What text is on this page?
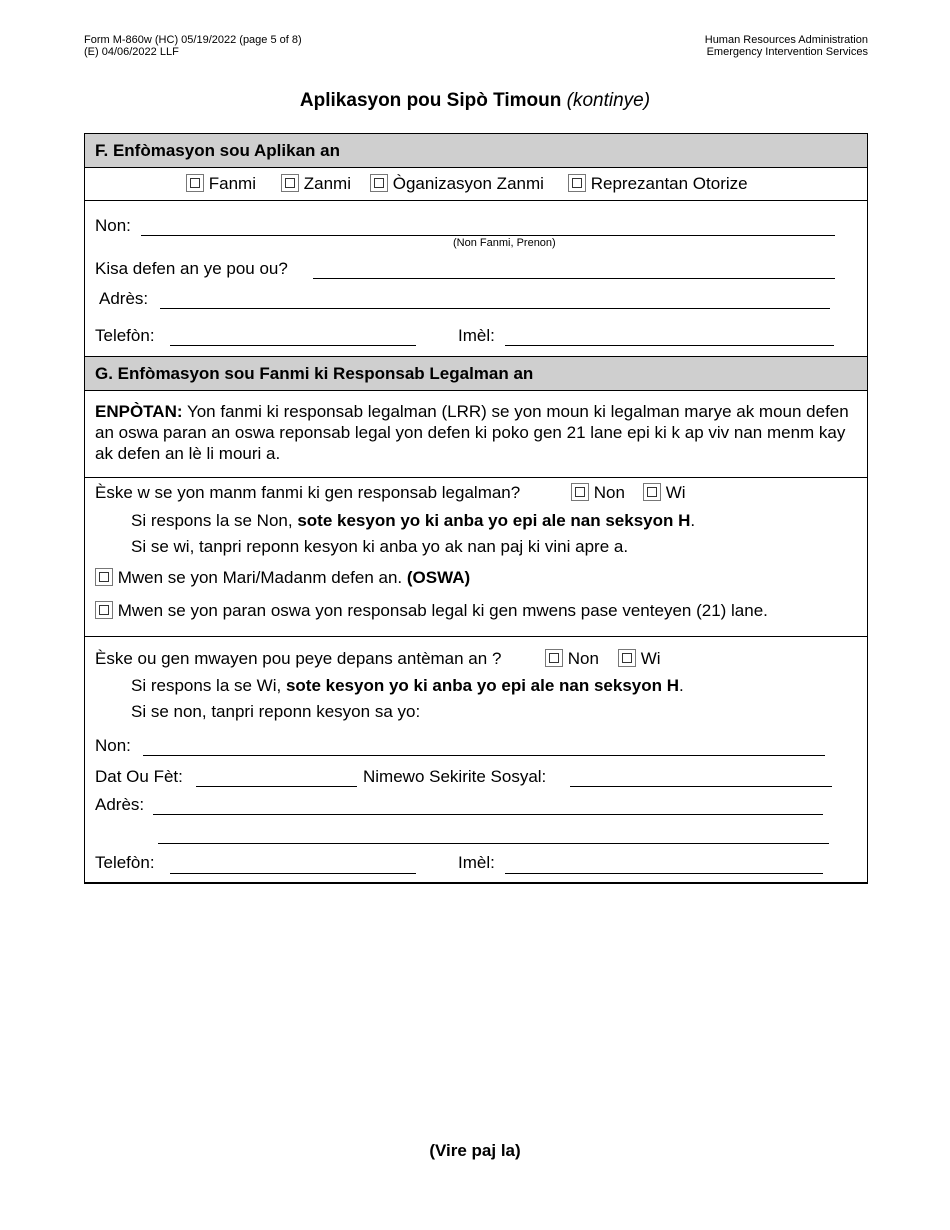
Form M-860w (HC) 05/19/2022 (page 5 of 8)
(E) 04/06/2022 LLF
Human Resources Administration
Emergency Intervention Services
Aplikasyon pou Sipò Timoun (kontinye)
F. Enfòmasyon sou Aplikan an
Fanmi	Zanmi	Òganizasyon Zanmi	Reprezantan Otorize
Non:
(Non Fanmi, Prenon)
Kisa defen an ye pou ou?
Adrès:
Telefòn:	Imèl:
G. Enfòmasyon sou Fanmi ki Responsab Legalman an
ENPÒTAN: Yon fanmi ki responsab legalman (LRR) se yon moun ki legalman marye ak moun defen an oswa paran an oswa reponsab legal yon defen ki poko gen 21 lane epi ki k ap viv nan menm kay ak defen an lè li mouri a.
Èske w se yon manm fanmi ki gen responsab legalman?	Non	Wi
Si respons la se Non, sote kesyon yo ki anba yo epi ale nan seksyon H.
Si se wi, tanpri reponn kesyon ki anba yo ak nan paj ki vini apre a.
Mwen se yon Mari/Madanm defen an. (OSWA)
Mwen se yon paran oswa yon responsab legal ki gen mwens pase venteyen (21) lane.
Èske ou gen mwayen pou peye depans antèman an ?	Non	Wi
Si respons la se Wi, sote kesyon yo ki anba yo epi ale nan seksyon H.
Si se non, tanpri reponn kesyon sa yo:
Non:
Dat Ou Fèt:	Nimewo Sekirite Sosyal:
Adrès:
Telefòn:	Imèl:
(Vire paj la)
